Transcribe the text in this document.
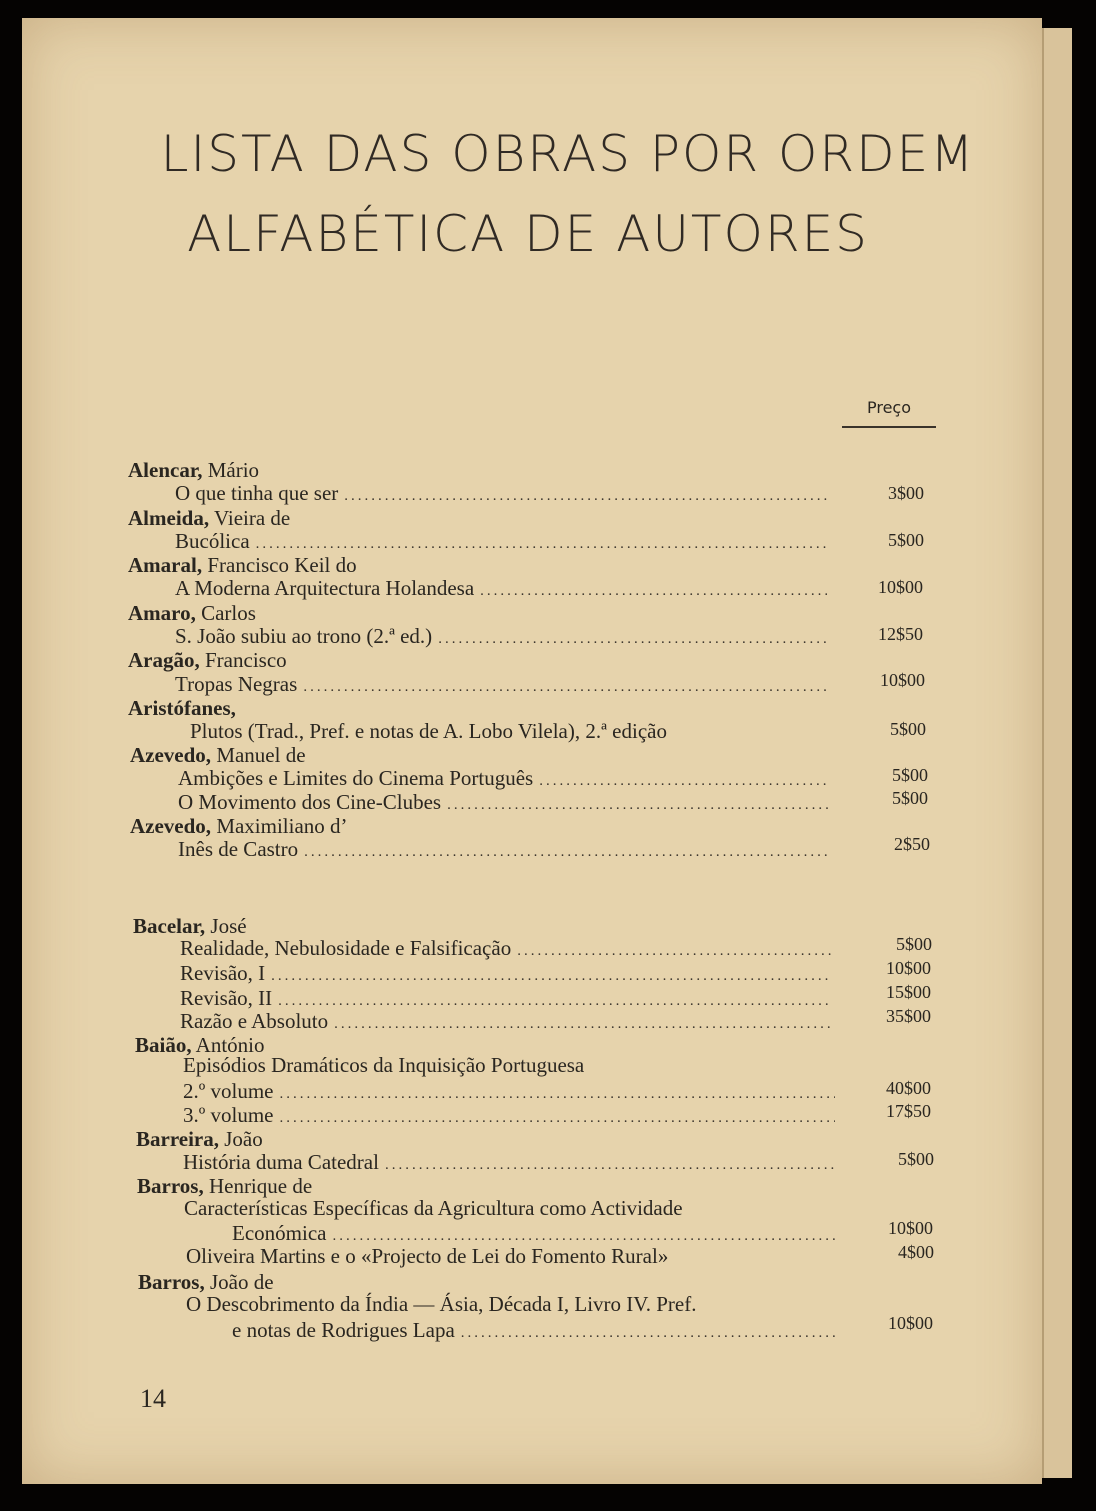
LISTA DAS OBRAS POR ORDEM
ALFABÉTICA DE AUTORES
Preço
Alencar, Mário
O que tinha que ser .....	3$00
Almeida, Vieira de
Bucólica .....	5$00
Amaral, Francisco Keil do
A Moderna Arquitectura Holandesa .....	10$00
Amaro, Carlos
S. João subiu ao trono (2.ª ed.) .....	12$50
Aragão, Francisco
Tropas Negras .....	10$00
Aristófanes,
Plutos (Trad., Pref. e notas de A. Lobo Vilela), 2.ª edição	5$00
Azevedo, Manuel de
Ambições e Limites do Cinema Português .....	5$00
O Movimento dos Cine-Clubes .....	5$00
Azevedo, Maximiliano d’
Inês de Castro .....	2$50
Bacelar, José
Realidade, Nebulosidade e Falsificação .....	5$00
Revisão, I .....	10$00
Revisão, II .....	15$00
Razão e Absoluto .....	35$00
Baião, António
Episódios Dramáticos da Inquisição Portuguesa
2.º volume .....	40$00
3.º volume .....	17$50
Barreira, João
História duma Catedral .....	5$00
Barros, Henrique de
Características Específicas da Agricultura como Actividade
Económica .....	10$00
Oliveira Martins e o «Projecto de Lei do Fomento Rural»	4$00
Barros, João de
O Descobrimento da Índia — Ásia, Década I, Livro IV. Pref.
e notas de Rodrigues Lapa
.....	10$00
14
